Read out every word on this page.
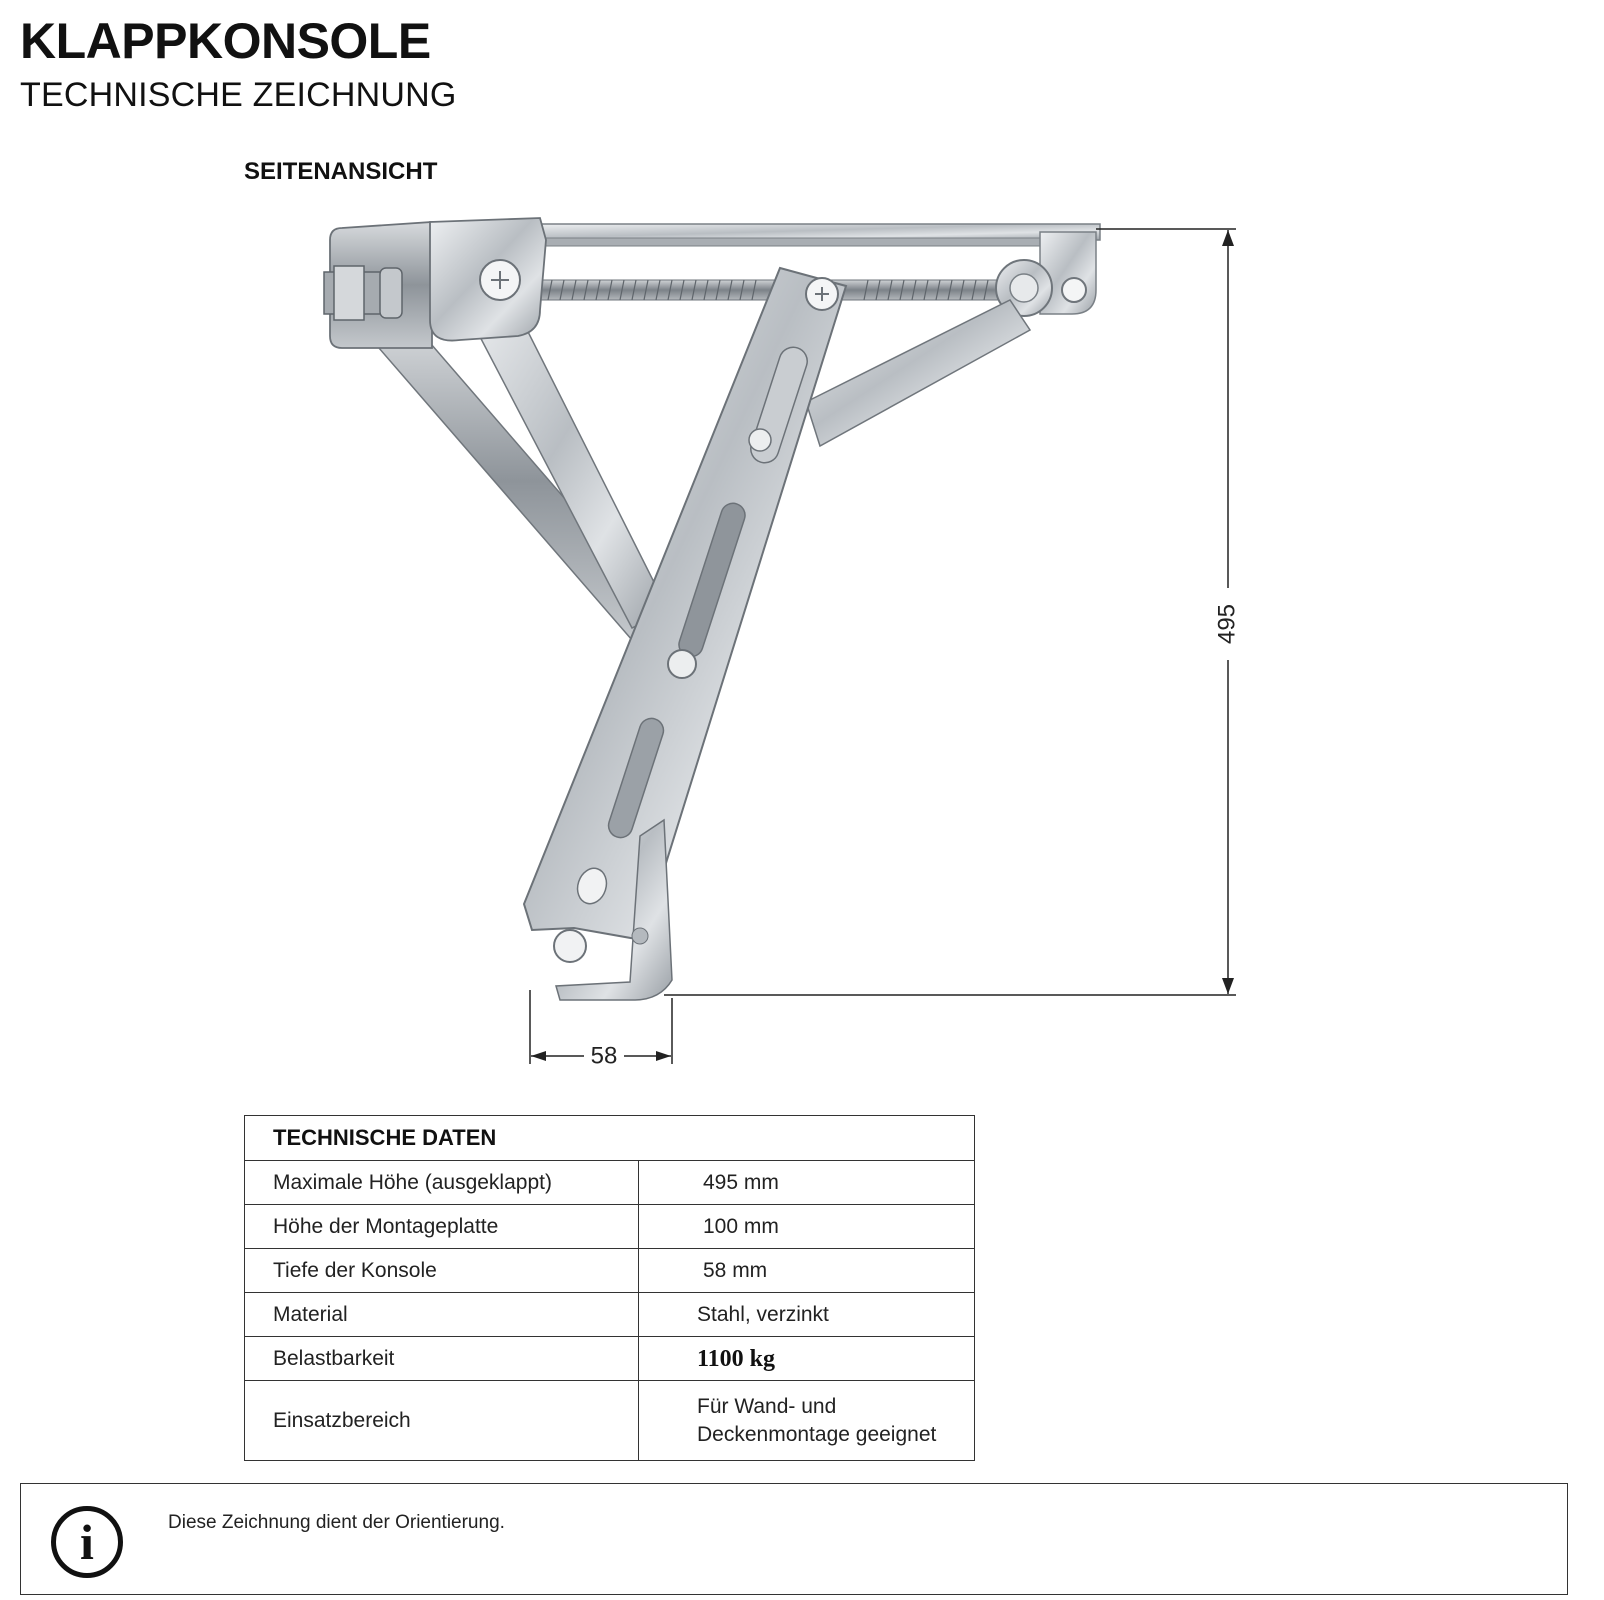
KLAPPKONSOLE
TECHNISCHE ZEICHNUNG
SEITENANSICHT
495
58
TECHNISCHE DATEN	
Maximale Höhe (ausgeklappt)	495 mm
Höhe der Montageplatte	100 mm
Tiefe der Konsole	58 mm
Material	Stahl, verzinkt
Belastbarkeit	1100 kg
Einsatzbereich	Für Wand- und
Deckenmontage geeignet
i	Diese Zeichnung dient der Orientierung.
